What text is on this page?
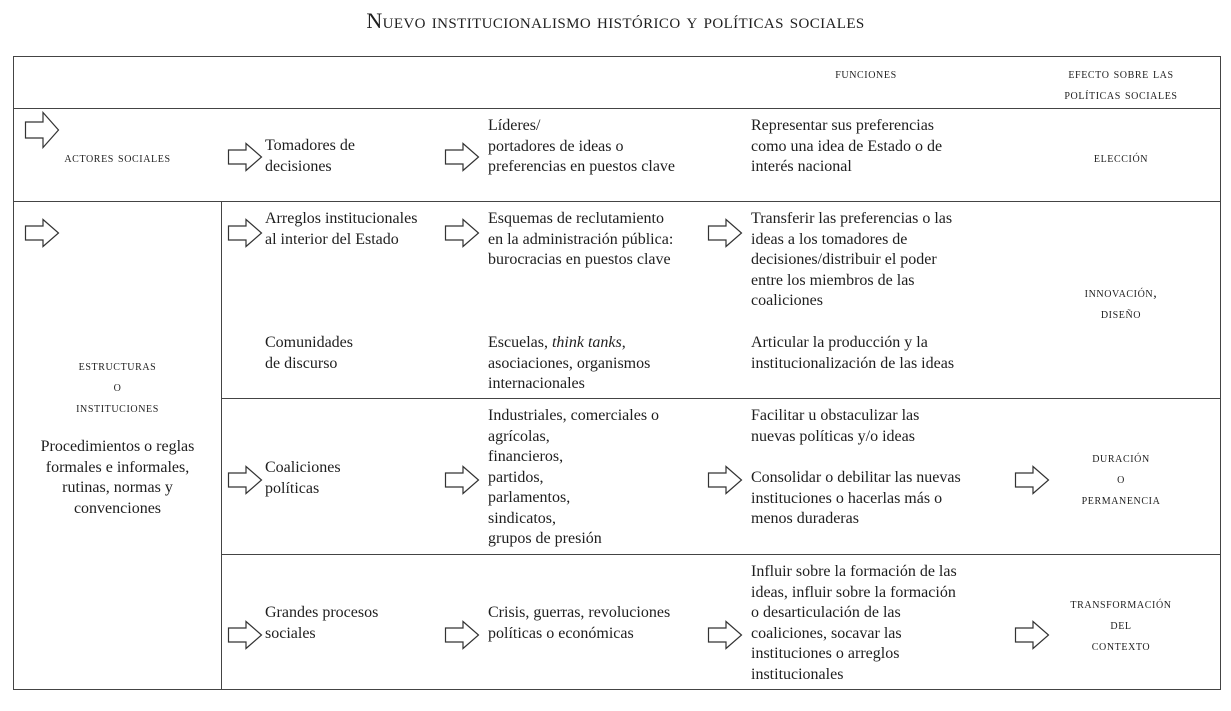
Nuevo institucionalismo histórico y políticas sociales
funciones	efecto sobre las
políticas sociales
actores sociales
Tomadores de
decisiones
Líderes/
portadores de ideas o
preferencias en puestos clave
Representar sus preferencias
como una idea de Estado o de
interés nacional	elección
estructuras
o
instituciones
Procedimientos o reglas
formales e informales,
rutinas, normas y
convenciones
Arreglos institucionales
al interior del Estado
Esquemas de reclutamiento
en la administración pública:
burocracias en puestos clave
Transferir las preferencias o las
ideas a los tomadores de
decisiones/distribuir el poder
entre los miembros de las
coaliciones
Comunidades
de discurso
Escuelas, think tanks,
asociaciones, organismos
internacionales
Articular la producción y la
institucionalización de las ideas
innovación,
diseño
Coaliciones
políticas
Industriales, comerciales o
agrícolas,
financieros,
partidos,
parlamentos,
sindicatos,
grupos de presión
Facilitar u obstaculizar las
nuevas políticas y/o ideas
Consolidar o debilitar las nuevas
instituciones o hacerlas más o
menos duraderas
duración
o
permanencia
Grandes procesos
sociales
Crisis, guerras, revoluciones
políticas o económicas
Influir sobre la formación de las
ideas, influir sobre la formación
o desarticulación de las
coaliciones, socavar las
instituciones o arreglos
institucionales
transformación
del
contexto
